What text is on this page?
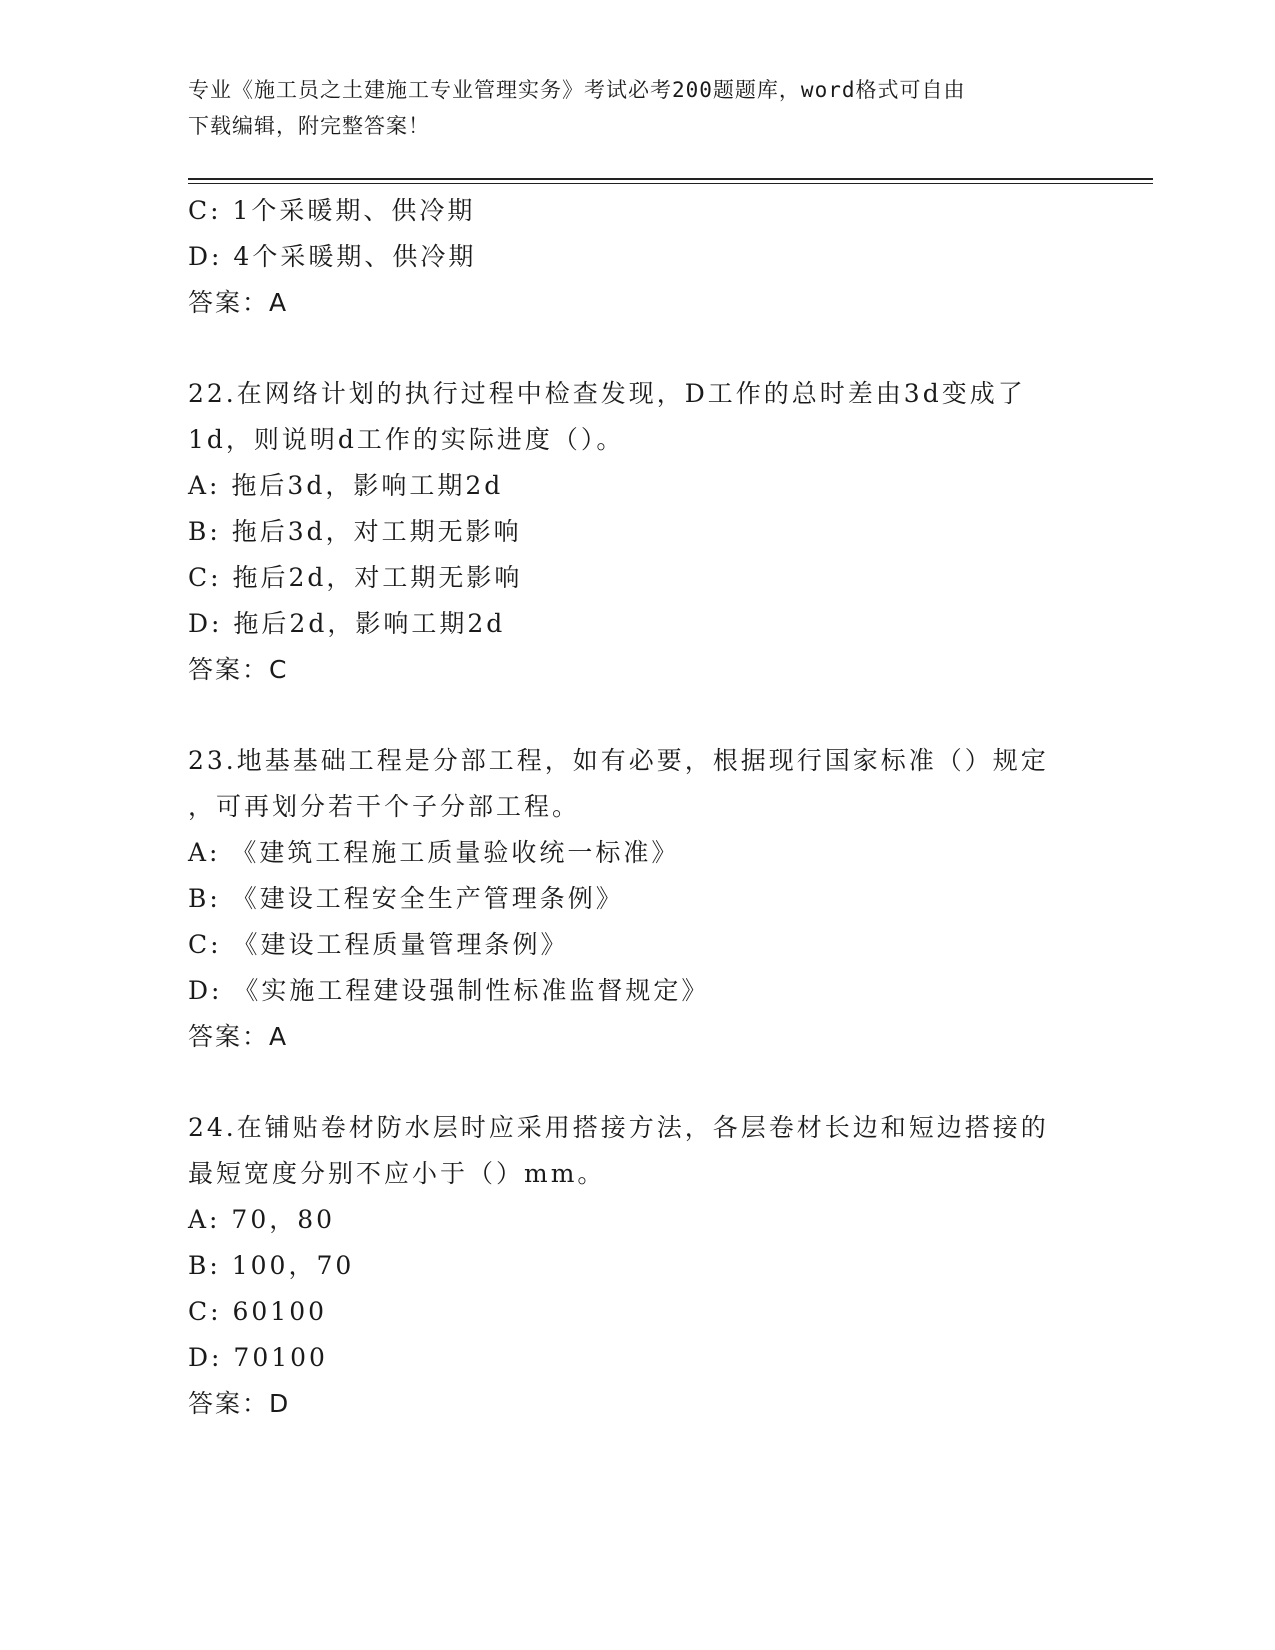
专业《施工员之土建施工专业管理实务》考试必考200题题库，word格式可自由
下载编辑，附完整答案！
C: 1个采暖期、供冷期
D: 4个采暖期、供冷期
答案：A
22.在网络计划的执行过程中检查发现，D工作的总时差由3d变成了
1d，则说明d工作的实际进度（）。
A: 拖后3d，影响工期2d
B: 拖后3d，对工期无影响
C: 拖后2d，对工期无影响
D: 拖后2d，影响工期2d
答案：C
23.地基基础工程是分部工程，如有必要，根据现行国家标准（）规定
，可再划分若干个子分部工程。
A: 《建筑工程施工质量验收统一标准》
B: 《建设工程安全生产管理条例》
C: 《建设工程质量管理条例》
D: 《实施工程建设强制性标准监督规定》
答案：A
24.在铺贴卷材防水层时应采用搭接方法，各层卷材长边和短边搭接的
最短宽度分别不应小于（）mm。
A: 70，80
B: 100，70
C: 60100
D: 70100
答案：D
